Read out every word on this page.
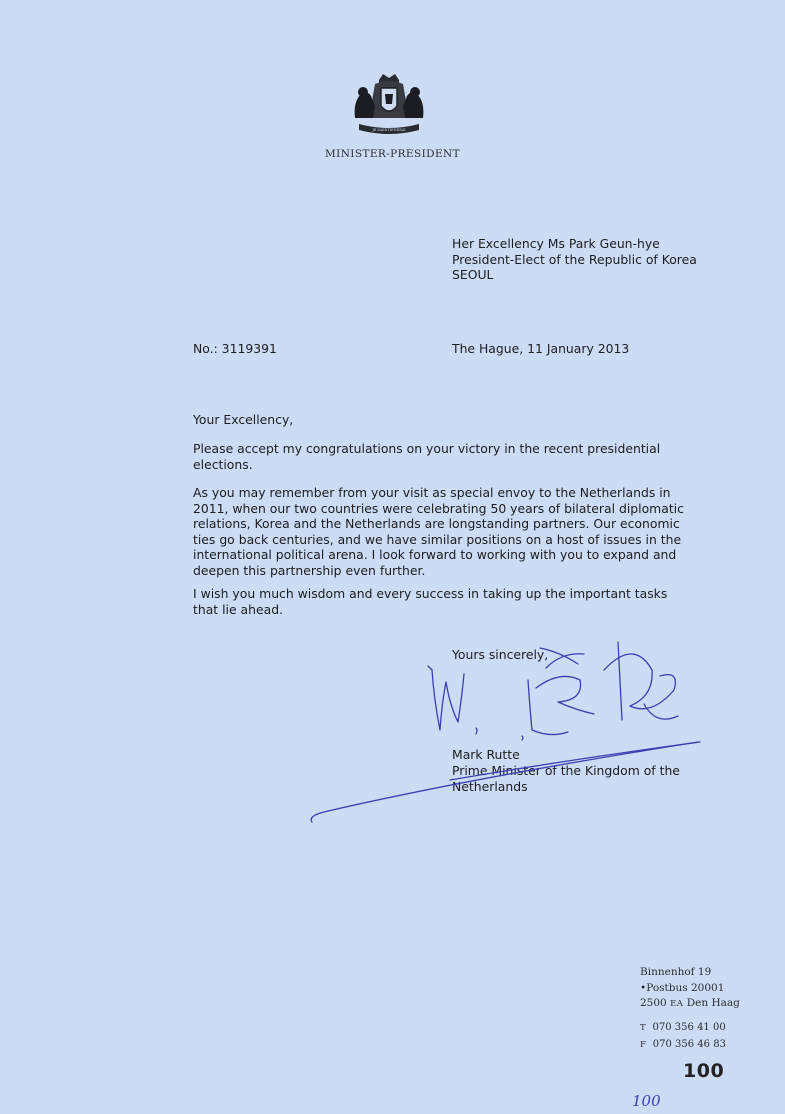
JE MAINTIENDRAI
MINISTER-PRESIDENT
Her Excellency Ms Park Geun-hye
President-Elect of the Republic of Korea
SEOUL
No.: 3119391	The Hague, 11 January 2013
Your Excellency,
Please accept my congratulations on your victory in the recent presidential elections.
As you may remember from your visit as special envoy to the Netherlands in 2011, when our two countries were celebrating 50 years of bilateral diplomatic relations, Korea and the Netherlands are longstanding partners. Our economic ties go back centuries, and we have similar positions on a host of issues in the international political arena. I look forward to working with you to expand and deepen this partnership even further.
I wish you much wisdom and every success in taking up the important tasks that lie ahead.
Yours sincerely,
Mark Rutte
Prime Minister of the Kingdom of the Netherlands
Binnenhof 19
•Postbus 20001
2500 EA Den Haag
T 070 356 41 00
F 070 356 46 83
100
100
